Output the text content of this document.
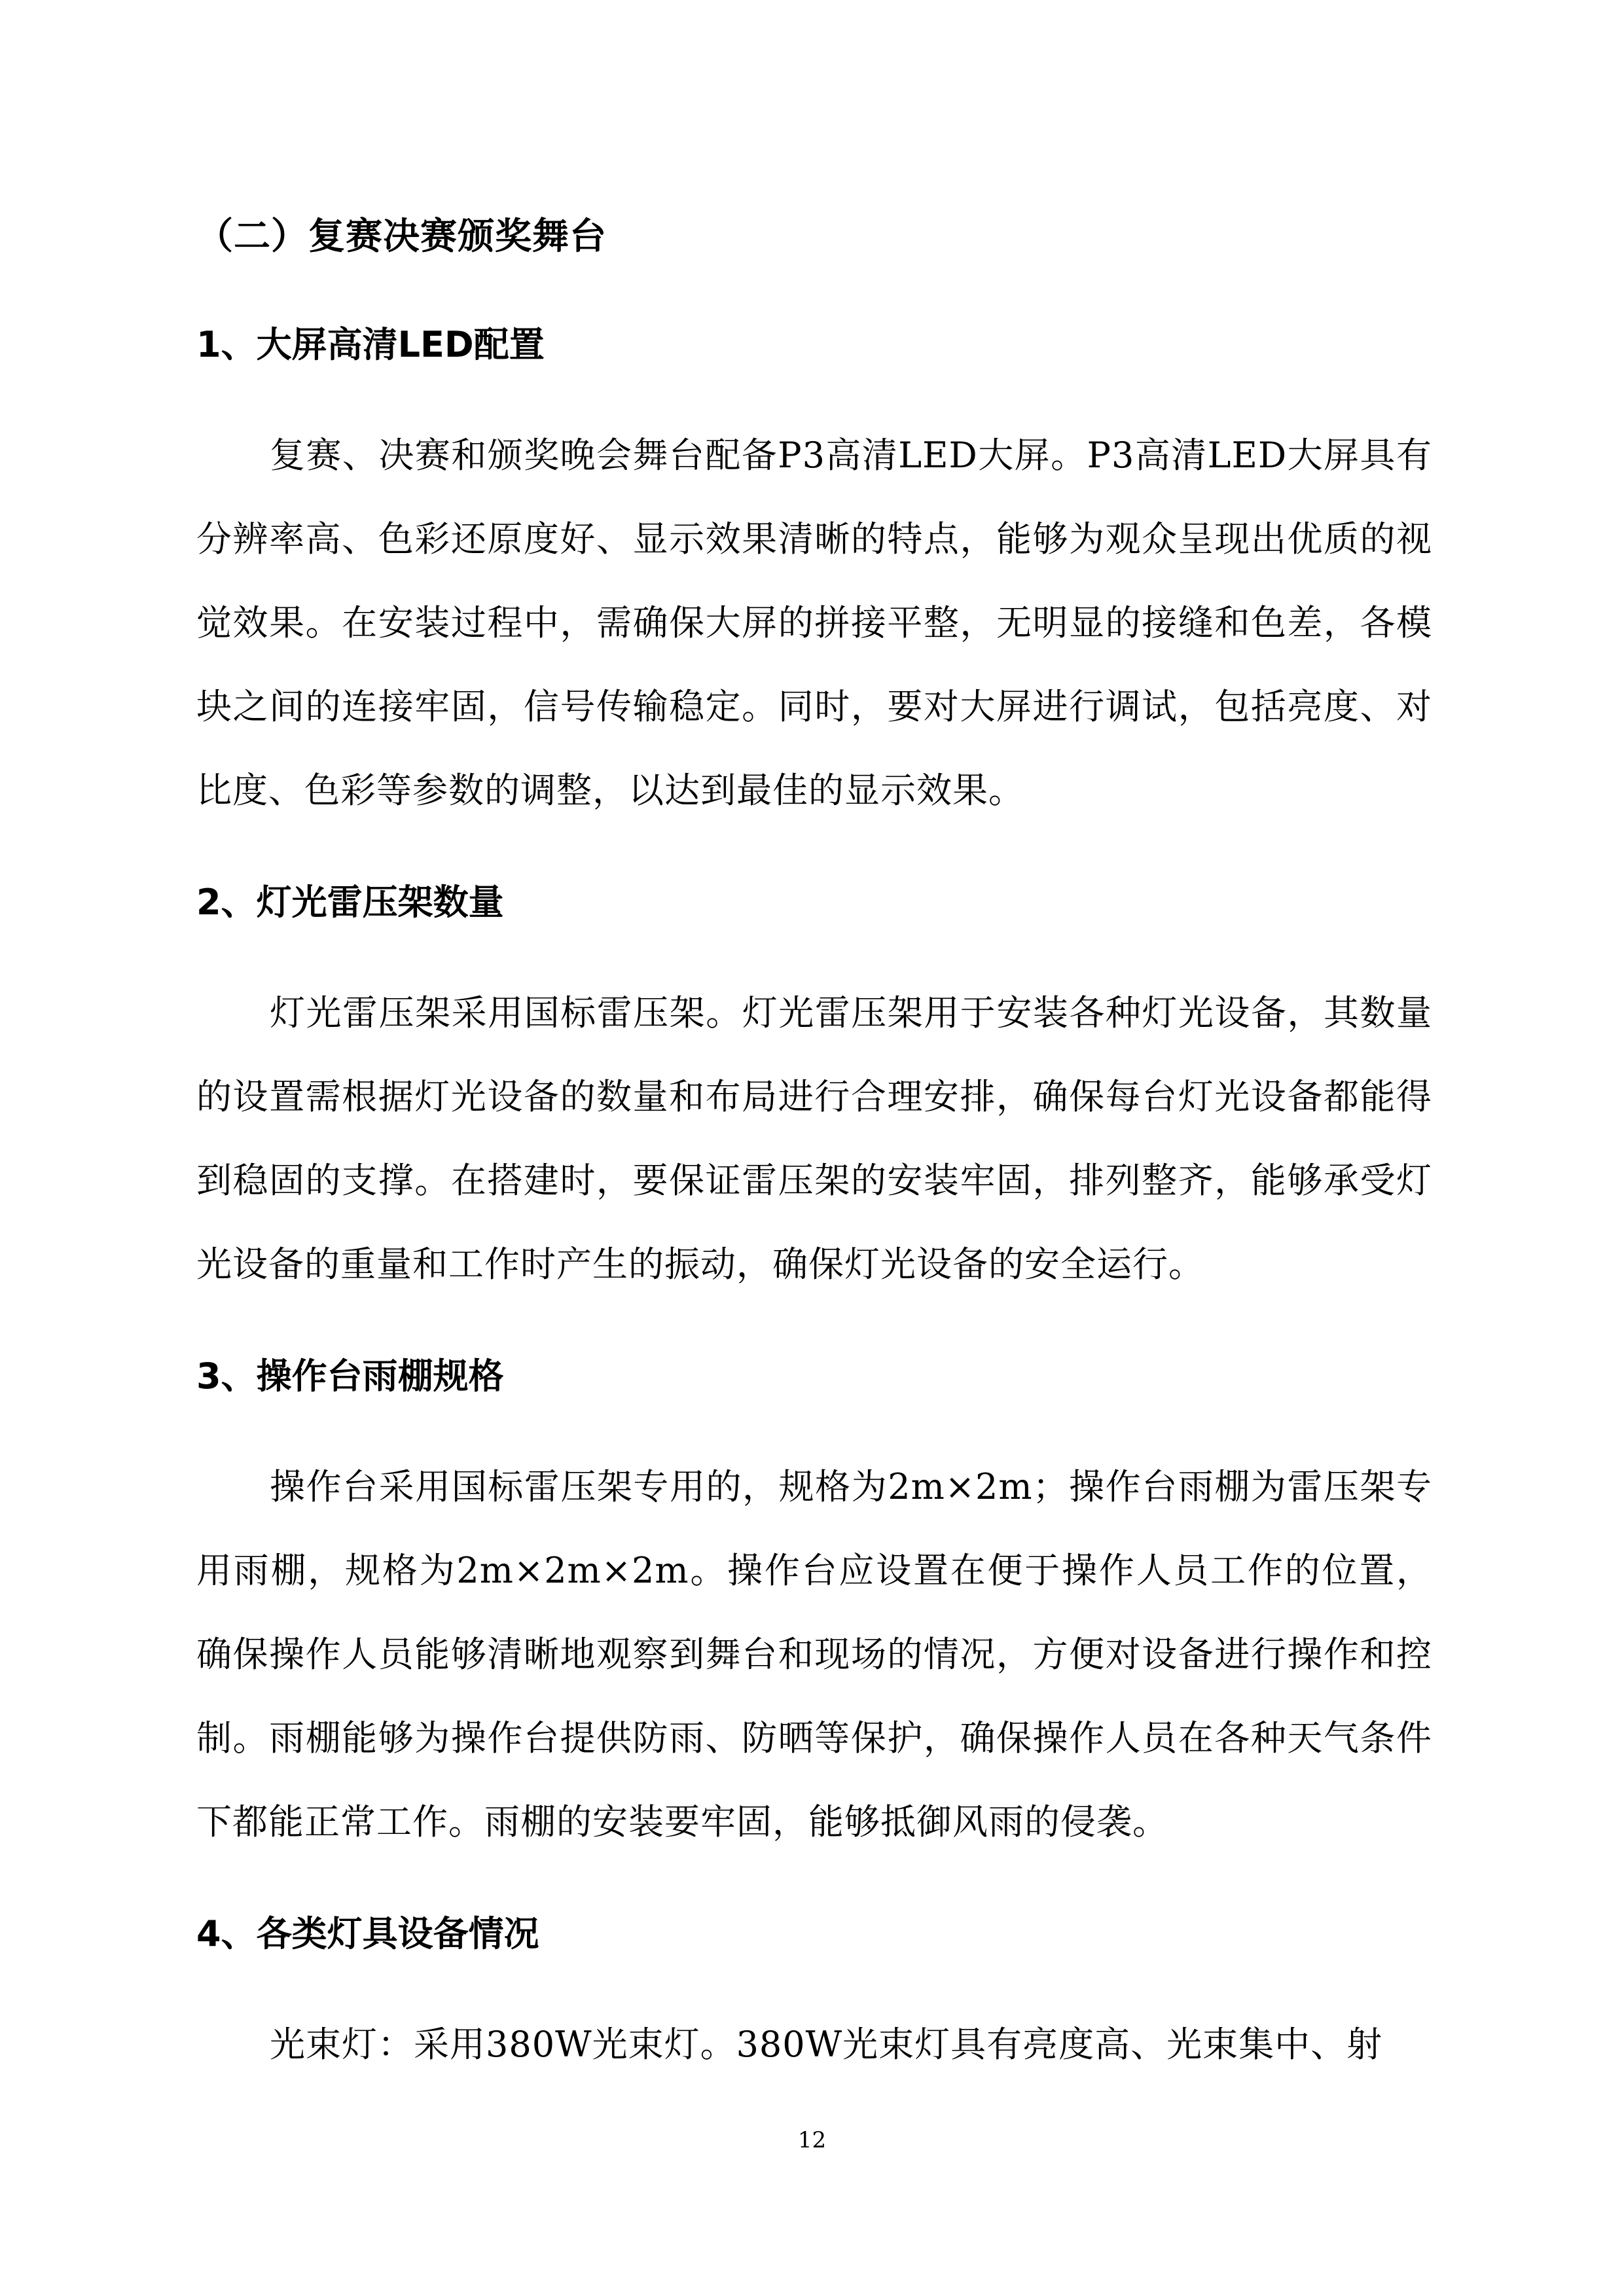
（二）复赛决赛颁奖舞台
1、大屏高清LED配置

复赛、决赛和颁奖晚会舞台配备P3高清LED大屏。P3高清LED大屏具有分辨率高、色彩还原度好、显示效果清晰的特点，能够为观众呈现出优质的视觉效果。在安装过程中，需确保大屏的拼接平整，无明显的接缝和色差，各模块之间的连接牢固，信号传输稳定。同时，要对大屏进行调试，包括亮度、对比度、色彩等参数的调整，以达到最佳的显示效果。

2、灯光雷压架数量

灯光雷压架采用国标雷压架。灯光雷压架用于安装各种灯光设备，其数量的设置需根据灯光设备的数量和布局进行合理安排，确保每台灯光设备都能得到稳固的支撑。在搭建时，要保证雷压架的安装牢固，排列整齐，能够承受灯光设备的重量和工作时产生的振动，确保灯光设备的安全运行。

3、操作台雨棚规格

操作台采用国标雷压架专用的，规格为2m×2m；操作台雨棚为雷压架专用雨棚，规格为2m×2m×2m。操作台应设置在便于操作人员工作的位置，确保操作人员能够清晰地观察到舞台和现场的情况，方便对设备进行操作和控制。雨棚能够为操作台提供防雨、防晒等保护，确保操作人员在各种天气条件下都能正常工作。雨棚的安装要牢固，能够抵御风雨的侵袭。

4、各类灯具设备情况

光束灯：采用380W光束灯。380W光束灯具有亮度高、光束集中、射

12
